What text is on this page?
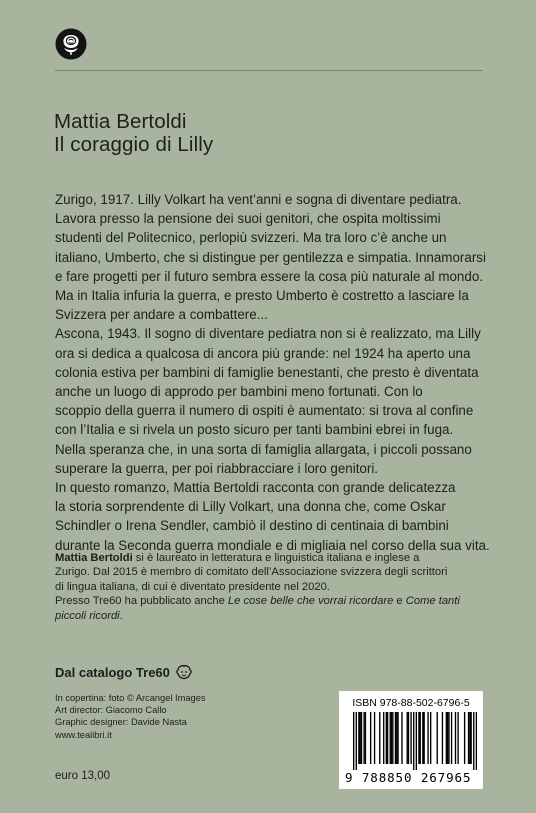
Mattia Bertoldi
Il coraggio di Lilly

Zurigo, 1917. Lilly Volkart ha vent’anni e sogna di diventare pediatra.

Lavora presso la pensione dei suoi genitori, che ospita moltissimi

studenti del Politecnico, perlopiù svizzeri. Ma tra loro c’è anche un

italiano, Umberto, che si distingue per gentilezza e simpatia. Innamorarsi

e fare progetti per il futuro sembra essere la cosa più naturale al mondo.

Ma in Italia infuria la guerra, e presto Umberto è costretto a lasciare la

Svizzera per andare a combattere...

Ascona, 1943. Il sogno di diventare pediatra non si è realizzato, ma Lilly

ora si dedica a qualcosa di ancora più grande: nel 1924 ha aperto una

colonia estiva per bambini di famiglie benestanti, che presto è diventata

anche un luogo di approdo per bambini meno fortunati. Con lo

scoppio della guerra il numero di ospiti è aumentato: si trova al confine

con l’Italia e si rivela un posto sicuro per tanti bambini ebrei in fuga.

Nella speranza che, in una sorta di famiglia allargata, i piccoli possano

superare la guerra, per poi riabbracciare i loro genitori.

In questo romanzo, Mattia Bertoldi racconta con grande delicatezza

la storia sorprendente di Lilly Volkart, una donna che, come Oskar

Schindler o Irena Sendler, cambiò il destino di centinaia di bambini

durante la Seconda guerra mondiale e di migliaia nel corso della sua vita.

Mattia Bertoldi si è laureato in letteratura e linguistica italiana e inglese a

Zurigo. Dal 2015 è membro di comitato dell’Associazione svizzera degli scrittori

di lingua italiana, di cui è diventato presidente nel 2020.

Presso Tre60 ha pubblicato anche Le cose belle che vorrai ricordare e Come tanti

piccoli ricordi.

Dal catalogo Tre60

In copertina: foto © Arcangel Images

Art director: Giacomo Callo

Graphic designer: Davide Nasta

www.tealibri.it

euro 13,00
ISBN 978-88-502-6796-5
9 788850 267965
